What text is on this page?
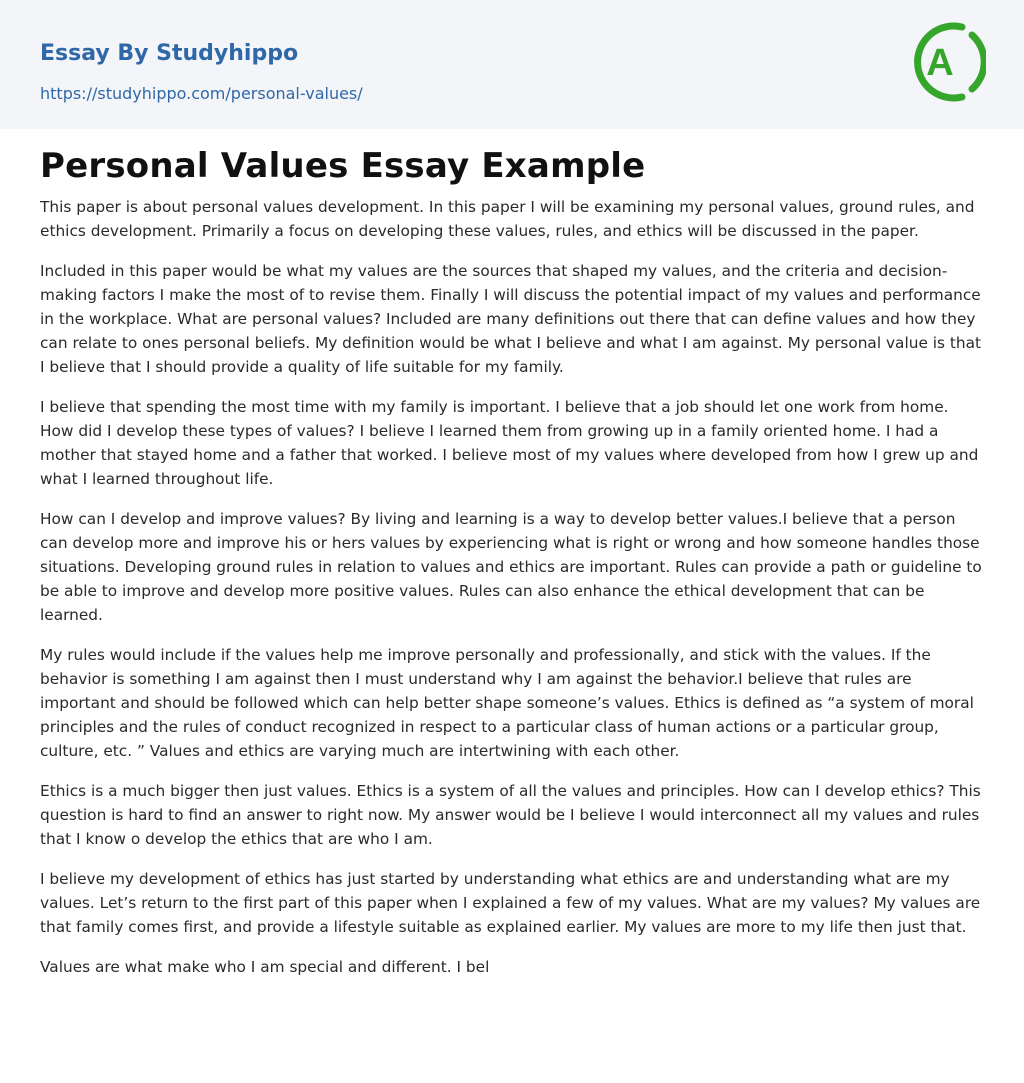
Essay By Studyhippo
https://studyhippo.com/personal-values/
A
Personal Values Essay Example

This paper is about personal values development. In this paper I will be examining my personal values, ground rules, and ethics development. Primarily a focus on developing these values, rules, and ethics will be discussed in the paper.

Included in this paper would be what my values are the sources that shaped my values, and the criteria and decision-making factors I make the most of to revise them. Finally I will discuss the potential impact of my values and performance in the workplace. What are personal values? Included are many definitions out there that can define values and how they can relate to ones personal beliefs. My definition would be what I believe and what I am against. My personal value is that I believe that I should provide a quality of life suitable for my family.

I believe that spending the most time with my family is important. I believe that a job should let one work from home. How did I develop these types of values? I believe I learned them from growing up in a family oriented home. I had a mother that stayed home and a father that worked. I believe most of my values where developed from how I grew up and what I learned throughout life.

How can I develop and improve values? By living and learning is a way to develop better values.I believe that a person can develop more and improve his or hers values by experiencing what is right or wrong and how someone handles those situations. Developing ground rules in relation to values and ethics are important. Rules can provide a path or guideline to be able to improve and develop more positive values. Rules can also enhance the ethical development that can be learned.

My rules would include if the values help me improve personally and professionally, and stick with the values. If the behavior is something I am against then I must understand why I am against the behavior.I believe that rules are important and should be followed which can help better shape someone’s values. Ethics is defined as “a system of moral principles and the rules of conduct recognized in respect to a particular class of human actions or a particular group, culture, etc. ” Values and ethics are varying much are intertwining with each other.

Ethics is a much bigger then just values. Ethics is a system of all the values and principles. How can I develop ethics? This question is hard to find an answer to right now. My answer would be I believe I would interconnect all my values and rules that I know o develop the ethics that are who I am.

I believe my development of ethics has just started by understanding what ethics are and understanding what are my values. Let’s return to the first part of this paper when I explained a few of my values. What are my values? My values are that family comes first, and provide a lifestyle suitable as explained earlier. My values are more to my life then just that.

Values are what make who I am special and different. I bel
